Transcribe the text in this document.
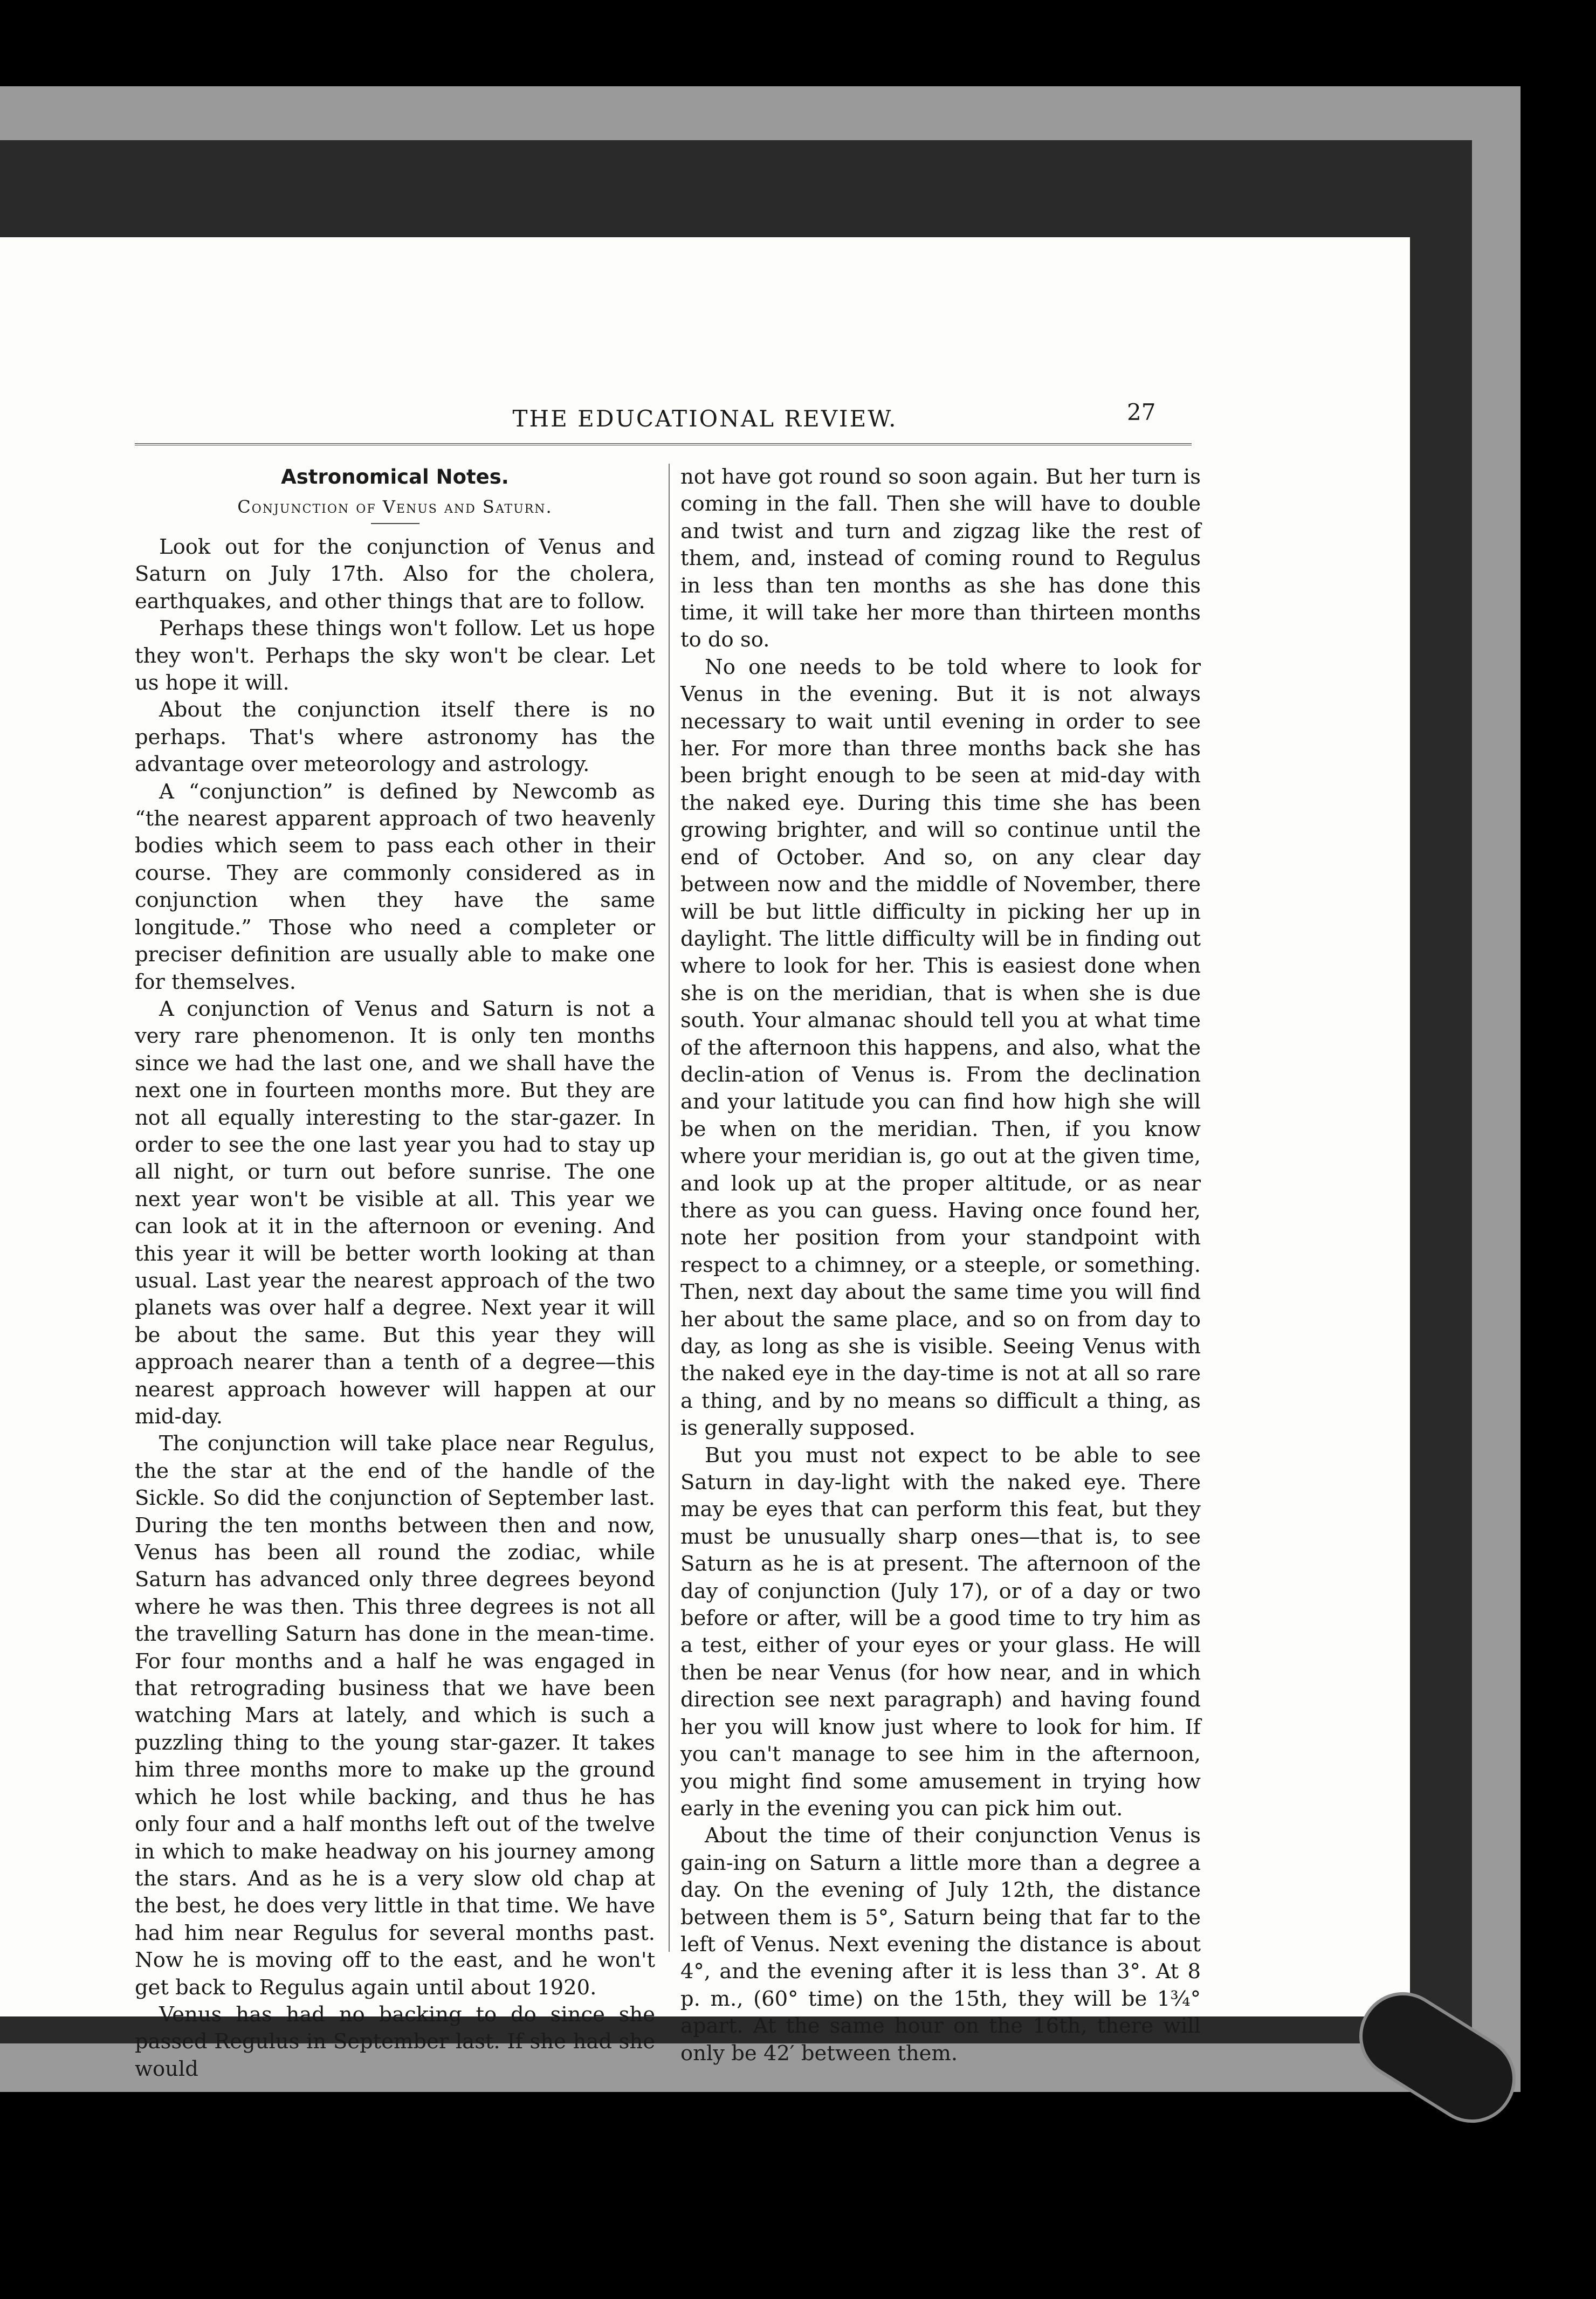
THE EDUCATIONAL REVIEW.	27
Astronomical Notes.
Conjunction of Venus and Saturn.

Look out for the conjunction of Venus and Saturn on July 17th. Also for the cholera, earthquakes, and other things that are to follow.

Perhaps these things won't follow. Let us hope they won't. Perhaps the sky won't be clear. Let us hope it will.

About the conjunction itself there is no perhaps. That's where astronomy has the advantage over meteorology and astrology.

A “conjunction” is defined by Newcomb as “the nearest apparent approach of two heavenly bodies which seem to pass each other in their course. They are commonly considered as in conjunction when they have the same longitude.” Those who need a completer or preciser definition are usually able to make one for themselves.

A conjunction of Venus and Saturn is not a very rare phenomenon. It is only ten months since we had the last one, and we shall have the next one in fourteen months more. But they are not all equally interesting to the star-gazer. In order to see the one last year you had to stay up all night, or turn out before sunrise. The one next year won't be visible at all. This year we can look at it in the afternoon or evening. And this year it will be better worth looking at than usual. Last year the nearest approach of the two planets was over half a degree. Next year it will be about the same. But this year they will approach nearer than a tenth of a degree—this nearest approach however will happen at our mid-day.

The conjunction will take place near Regulus, the the star at the end of the handle of the Sickle. So did the conjunction of September last. During the ten months between then and now, Venus has been all round the zodiac, while Saturn has advanced only three degrees beyond where he was then. This three degrees is not all the travelling Saturn has done in the mean-time. For four months and a half he was engaged in that retrograding business that we have been watching Mars at lately, and which is such a puzzling thing to the young star-gazer. It takes him three months more to make up the ground which he lost while backing, and thus he has only four and a half months left out of the twelve in which to make headway on his journey among the stars. And as he is a very slow old chap at the best, he does very little in that time. We have had him near Regulus for several months past. Now he is moving off to the east, and he won't get back to Regulus again until about 1920.

Venus has had no backing to do since she passed Regulus in September last. If she had she would

not have got round so soon again. But her turn is coming in the fall. Then she will have to double and twist and turn and zigzag like the rest of them, and, instead of coming round to Regulus in less than ten months as she has done this time, it will take her more than thirteen months to do so.

No one needs to be told where to look for Venus in the evening. But it is not always necessary to wait until evening in order to see her. For more than three months back she has been bright enough to be seen at mid-day with the naked eye. During this time she has been growing brighter, and will so continue until the end of October. And so, on any clear day between now and the middle of November, there will be but little difficulty in picking her up in daylight. The little difficulty will be in finding out where to look for her. This is easiest done when she is on the meridian, that is when she is due south. Your almanac should tell you at what time of the afternoon this happens, and also, what the declin-ation of Venus is. From the declination and your latitude you can find how high she will be when on the meridian. Then, if you know where your meridian is, go out at the given time, and look up at the proper altitude, or as near there as you can guess. Having once found her, note her position from your standpoint with respect to a chimney, or a steeple, or something. Then, next day about the same time you will find her about the same place, and so on from day to day, as long as she is visible. Seeing Venus with the naked eye in the day-time is not at all so rare a thing, and by no means so difficult a thing, as is generally supposed.

But you must not expect to be able to see Saturn in day-light with the naked eye. There may be eyes that can perform this feat, but they must be unusually sharp ones—that is, to see Saturn as he is at present. The afternoon of the day of conjunction (July 17), or of a day or two before or after, will be a good time to try him as a test, either of your eyes or your glass. He will then be near Venus (for how near, and in which direction see next paragraph) and having found her you will know just where to look for him. If you can't manage to see him in the afternoon, you might find some amusement in trying how early in the evening you can pick him out.

About the time of their conjunction Venus is gain-ing on Saturn a little more than a degree a day. On the evening of July 12th, the distance between them is 5°, Saturn being that far to the left of Venus. Next evening the distance is about 4°, and the evening after it is less than 3°. At 8 p. m., (60° time) on the 15th, they will be 1¾° apart. At the same hour on the 16th, there will only be 42′ between them.
